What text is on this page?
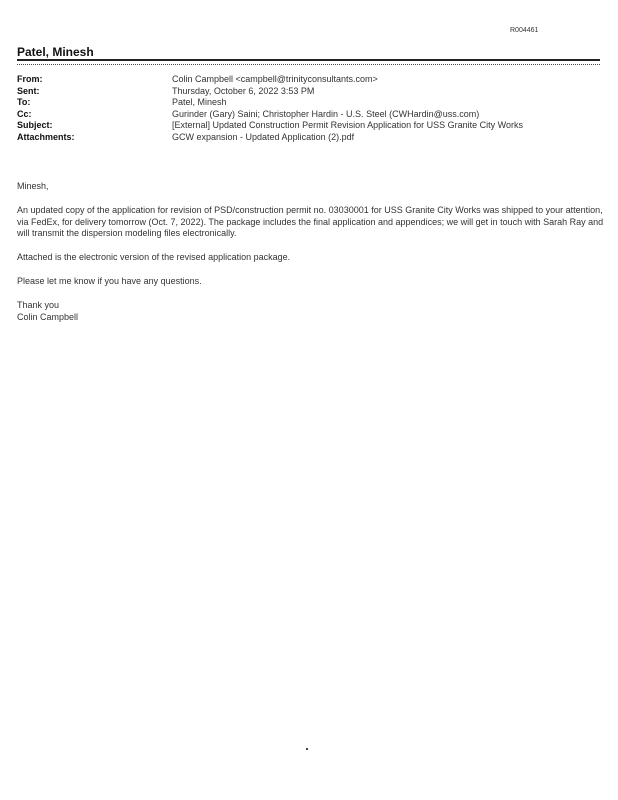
R004461
Patel, Minesh
From:	Colin Campbell <campbell@trinityconsultants.com>
Sent:	Thursday, October 6, 2022 3:53 PM
To:	Patel, Minesh
Cc:	Gurinder (Gary) Saini; Christopher Hardin - U.S. Steel (CWHardin@uss.com)
Subject:	[External] Updated Construction Permit Revision Application for USS Granite City Works
Attachments:	GCW expansion - Updated Application (2).pdf

Minesh,

An updated copy of the application for revision of PSD/construction permit no. 03030001 for USS Granite City Works was shipped to your attention, via FedEx, for delivery tomorrow (Oct. 7, 2022). The package includes the final application and appendices; we will get in touch with Sarah Ray and will transmit the dispersion modeling files electronically.

Attached is the electronic version of the revised application package.

Please let me know if you have any questions.

Thank you
Colin Campbell
